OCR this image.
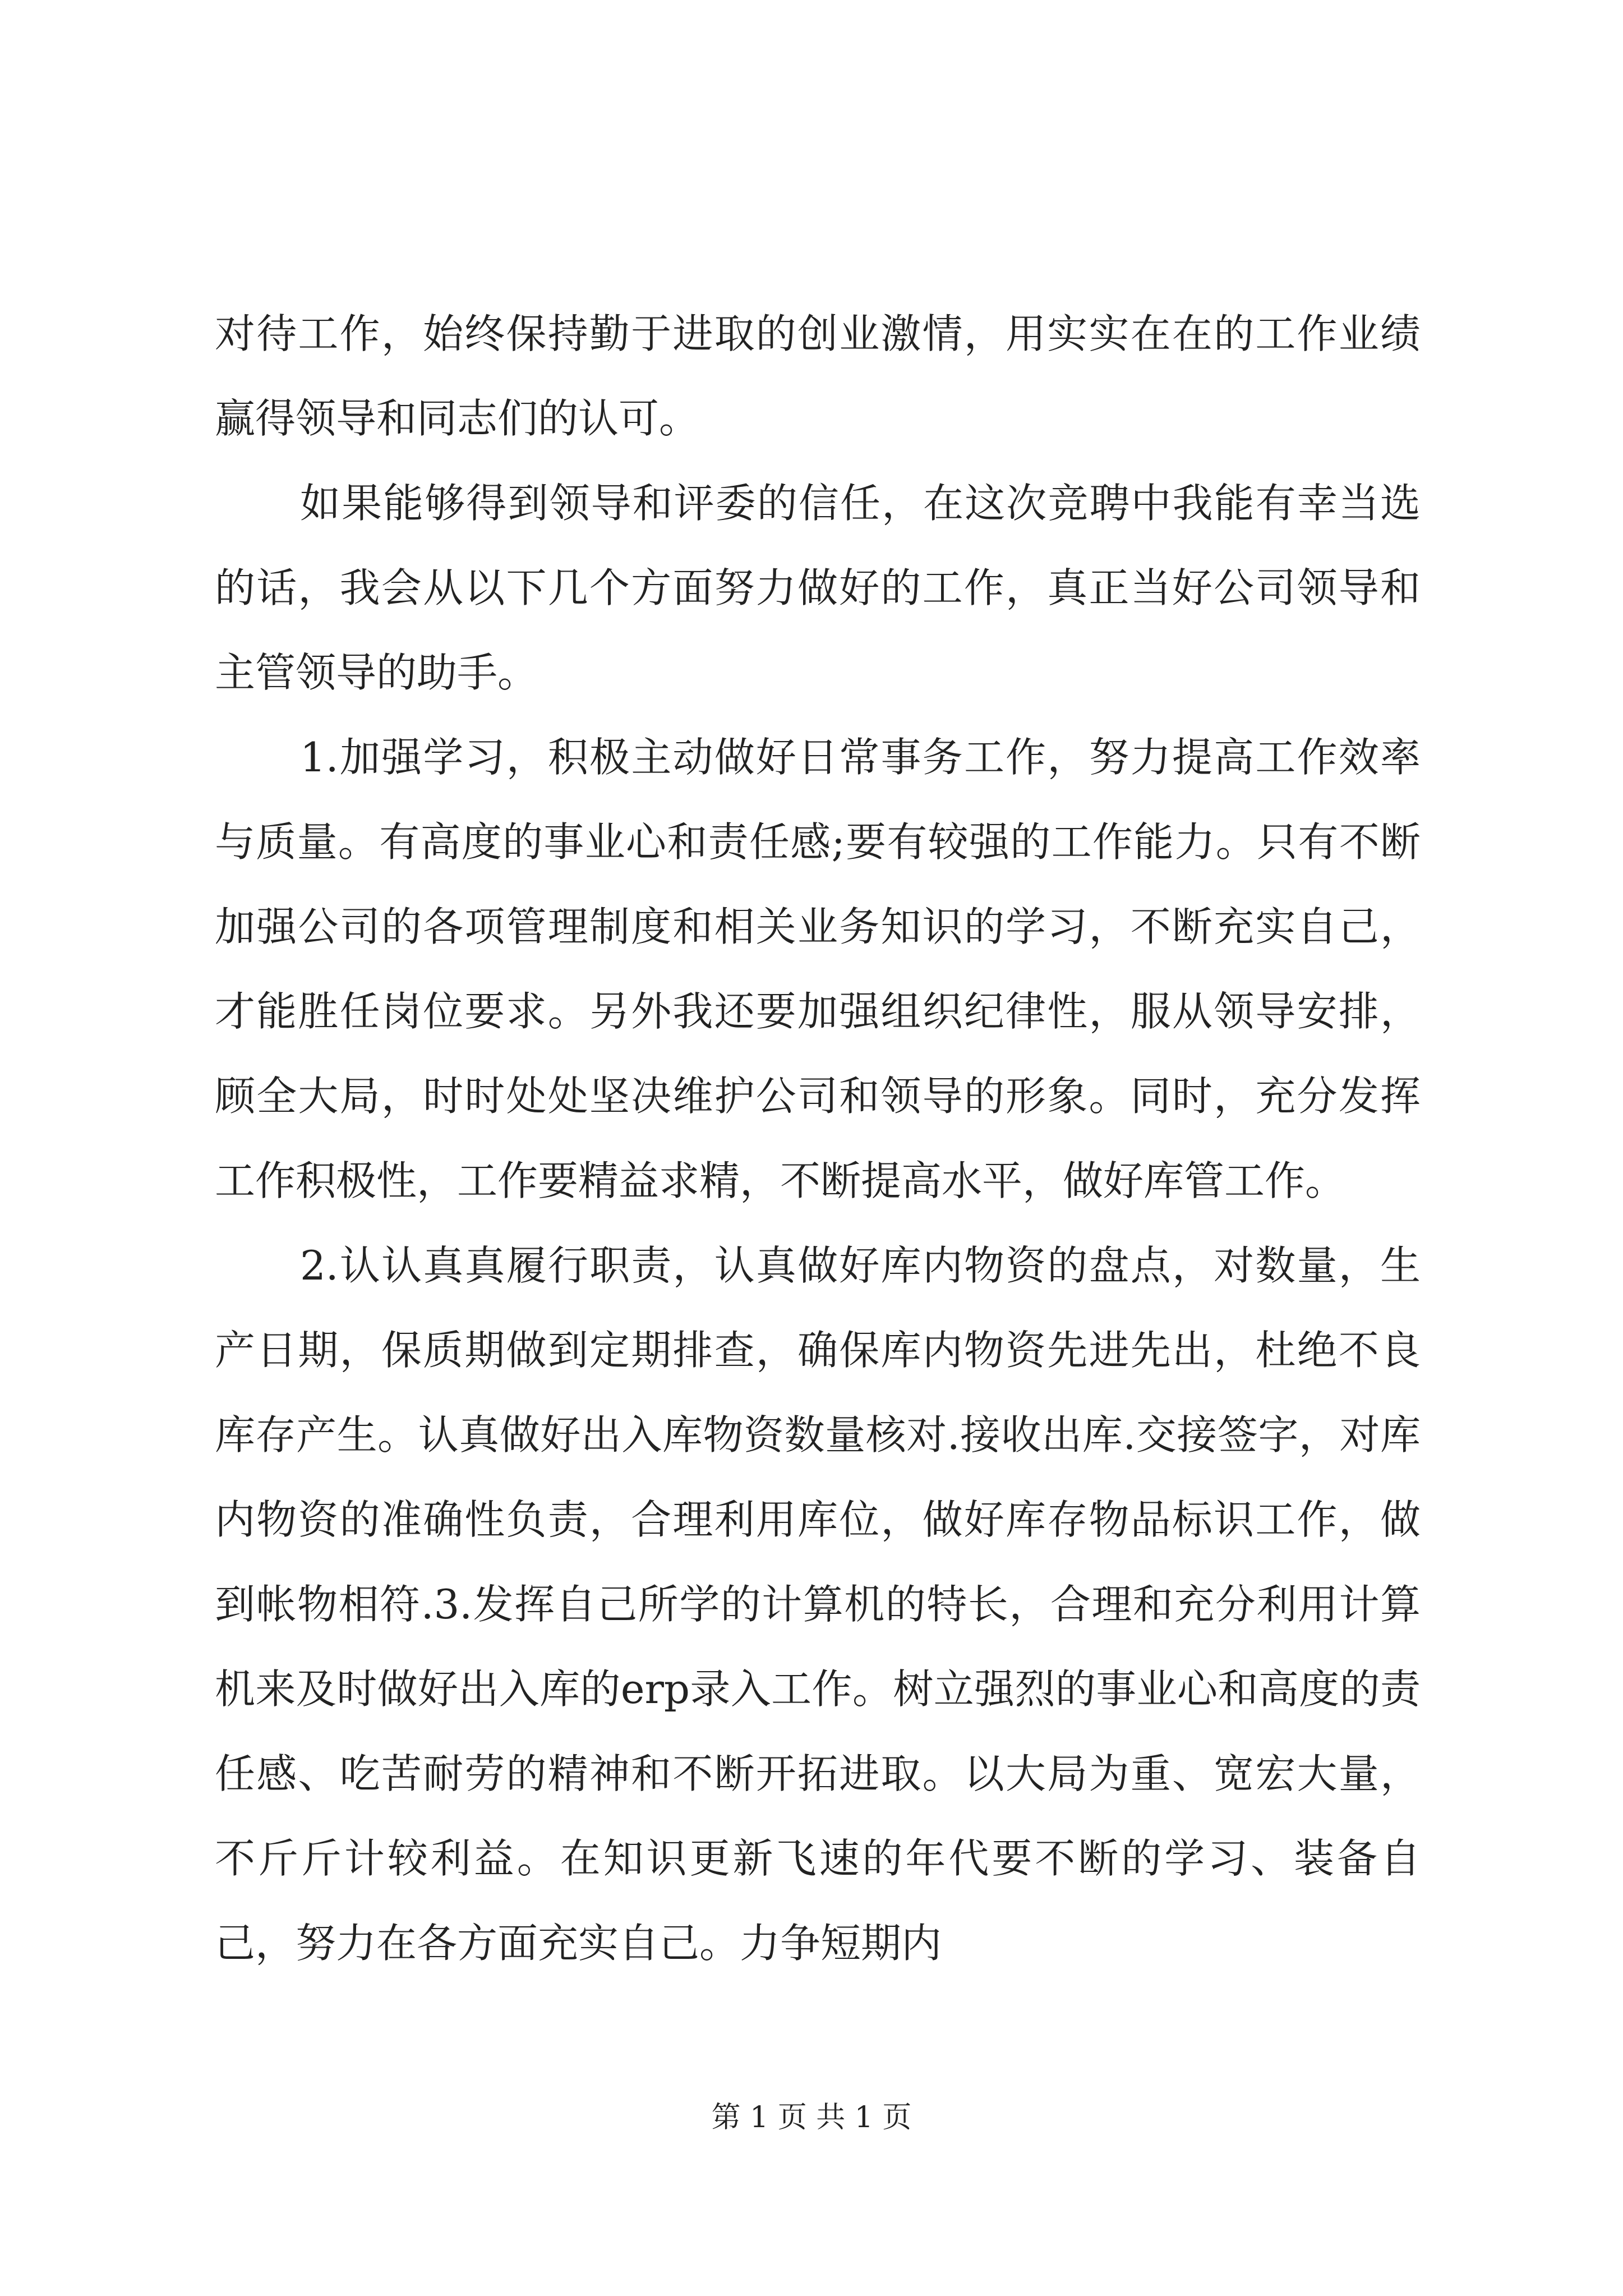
对待工作，始终保持勤于进取的创业激情，用实实在在的工作业绩赢得领导和同志们的认可。

如果能够得到领导和评委的信任，在这次竞聘中我能有幸当选的话，我会从以下几个方面努力做好的工作，真正当好公司领导和主管领导的助手。

1.加强学习，积极主动做好日常事务工作，努力提高工作效率与质量。有高度的事业心和责任感;要有较强的工作能力。只有不断加强公司的各项管理制度和相关业务知识的学习，不断充实自己，才能胜任岗位要求。另外我还要加强组织纪律性，服从领导安排，顾全大局，时时处处坚决维护公司和领导的形象。同时，充分发挥工作积极性，工作要精益求精，不断提高水平，做好库管工作。

2.认认真真履行职责，认真做好库内物资的盘点，对数量，生产日期，保质期做到定期排查，确保库内物资先进先出，杜绝不良库存产生。认真做好出入库物资数量核对.接收出库.交接签字，对库内物资的准确性负责，合理利用库位，做好库存物品标识工作，做到帐物相符.3.发挥自己所学的计算机的特长，合理和充分利用计算机来及时做好出入库的erp录入工作。树立强烈的事业心和高度的责任感、吃苦耐劳的精神和不断开拓进取。以大局为重、宽宏大量，不斤斤计较利益。在知识更新飞速的年代要不断的学习、装备自己，努力在各方面充实自己。力争短期内

第 1 页 共 1 页
